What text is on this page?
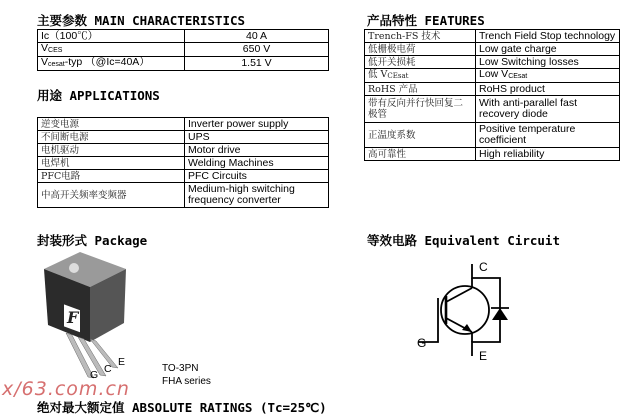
主要参数 MAIN CHARACTERISTICS
Ic（100℃）	40 A
$V_{CES}$	650 V
$V_{cesat}$-typ （@Ic=40A）	1.51 V
产品特性 FEATURES
Trench-FS 技术	Trench Field Stop technology
低栅极电荷	Low gate charge
低开关损耗	Low Switching losses
低 $V_{CEsat}$	Low $V_{CEsat}$
RoHS 产品	RoHS product
带有反向并行快回复二极管	With anti-parallel fast recovery diode
正温度系数	Positive temperature coefficient
高可靠性	High reliability
用途 APPLICATIONS
逆变电源	Inverter power supply
不间断电源	UPS
电机驱动	Motor drive
电焊机	Welding Machines
PFC电路	PFC Circuits
中高开关频率变频器	Medium-high switching frequency converter
封装形式 Package
F
G C
E
TO-3PN
FHA series
等效电路 Equivalent Circuit
C
G
E
绝对最大额定值 ABSOLUTE RATINGS (Tc=25℃)
x/63.com.cn
